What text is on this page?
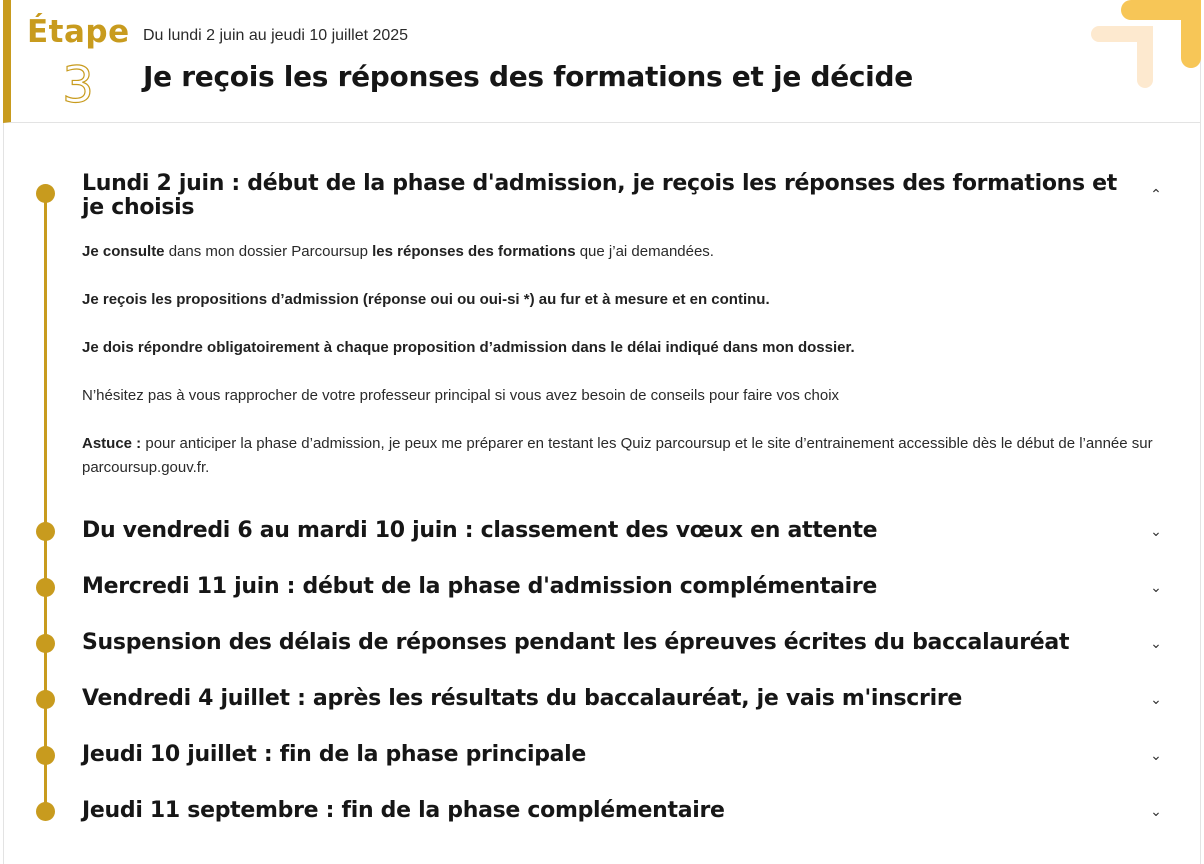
Étape
3
Du lundi 2 juin au jeudi 10 juillet 2025
Je reçois les réponses des formations et je décide
Lundi 2 juin : début de la phase d'admission, je reçois les réponses des formations et je choisis
⌃
Je consulte dans mon dossier Parcoursup les réponses des formations que j’ai demandées.
Je reçois les propositions d’admission (réponse oui ou oui-si *) au fur et à mesure et en continu.
Je dois répondre obligatoirement à chaque proposition d’admission dans le délai indiqué dans mon dossier.
N’hésitez pas à vous rapprocher de votre professeur principal si vous avez besoin de conseils pour faire vos choix
Astuce : pour anticiper la phase d’admission, je peux me préparer en testant les Quiz parcoursup et le site d’entrainement accessible dès le début de l’année sur parcoursup.gouv.fr.
Du vendredi 6 au mardi 10 juin : classement des vœux en attente	⌄
Mercredi 11 juin : début de la phase d'admission complémentaire	⌄
Suspension des délais de réponses pendant les épreuves écrites du baccalauréat	⌄
Vendredi 4 juillet : après les résultats du baccalauréat, je vais m'inscrire	⌄
Jeudi 10 juillet : fin de la phase principale	⌄
Jeudi 11 septembre : fin de la phase complémentaire	⌄
